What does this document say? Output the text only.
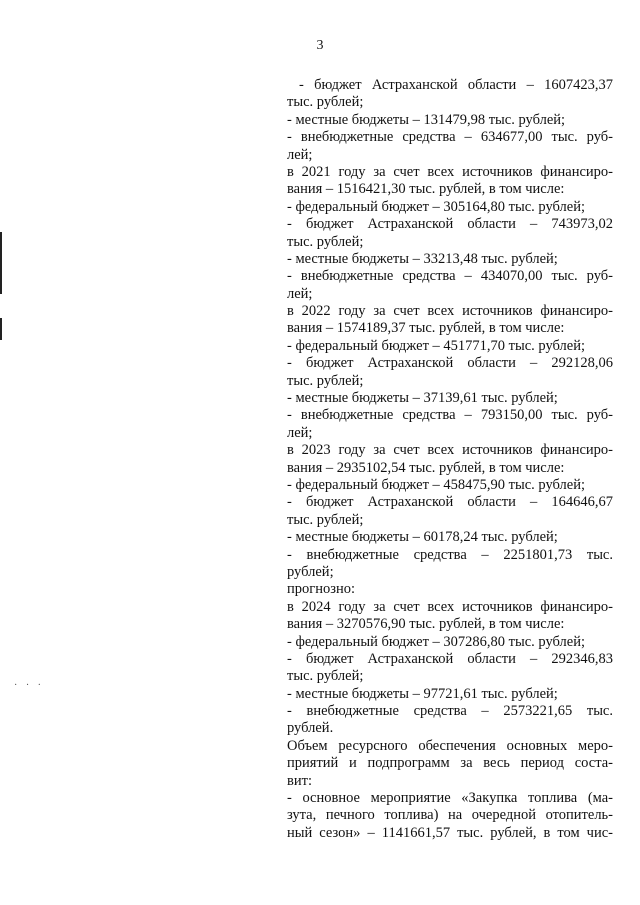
3
· · ·
- бюджет Астраханской области – 1607423,37
тыс. рублей;
- местные бюджеты – 131479,98 тыс. рублей;
- внебюджетные средства – 634677,00 тыс. руб-
лей;
в 2021 году за счет всех источников финансиро-
вания – 1516421,30 тыс. рублей, в том числе:
- федеральный бюджет – 305164,80 тыс. рублей;
- бюджет Астраханской области – 743973,02
тыс. рублей;
- местные бюджеты – 33213,48 тыс. рублей;
- внебюджетные средства – 434070,00 тыс. руб-
лей;
в 2022 году за счет всех источников финансиро-
вания – 1574189,37 тыс. рублей, в том числе:
- федеральный бюджет – 451771,70 тыс. рублей;
- бюджет Астраханской области – 292128,06
тыс. рублей;
- местные бюджеты – 37139,61 тыс. рублей;
- внебюджетные средства – 793150,00 тыс. руб-
лей;
в 2023 году за счет всех источников финансиро-
вания – 2935102,54 тыс. рублей, в том числе:
- федеральный бюджет – 458475,90 тыс. рублей;
- бюджет Астраханской области – 164646,67
тыс. рублей;
- местные бюджеты – 60178,24 тыс. рублей;
- внебюджетные средства – 2251801,73 тыс.
рублей;
прогнозно:
в 2024 году за счет всех источников финансиро-
вания – 3270576,90 тыс. рублей, в том числе:
- федеральный бюджет – 307286,80 тыс. рублей;
- бюджет Астраханской области – 292346,83
тыс. рублей;
- местные бюджеты – 97721,61 тыс. рублей;
- внебюджетные средства – 2573221,65 тыс.
рублей.
Объем ресурсного обеспечения основных меро-
приятий и подпрограмм за весь период соста-
вит:
- основное мероприятие «Закупка топлива (ма-
зута, печного топлива) на очередной отопитель-
ный сезон» – 1141661,57 тыс. рублей, в том чис-
